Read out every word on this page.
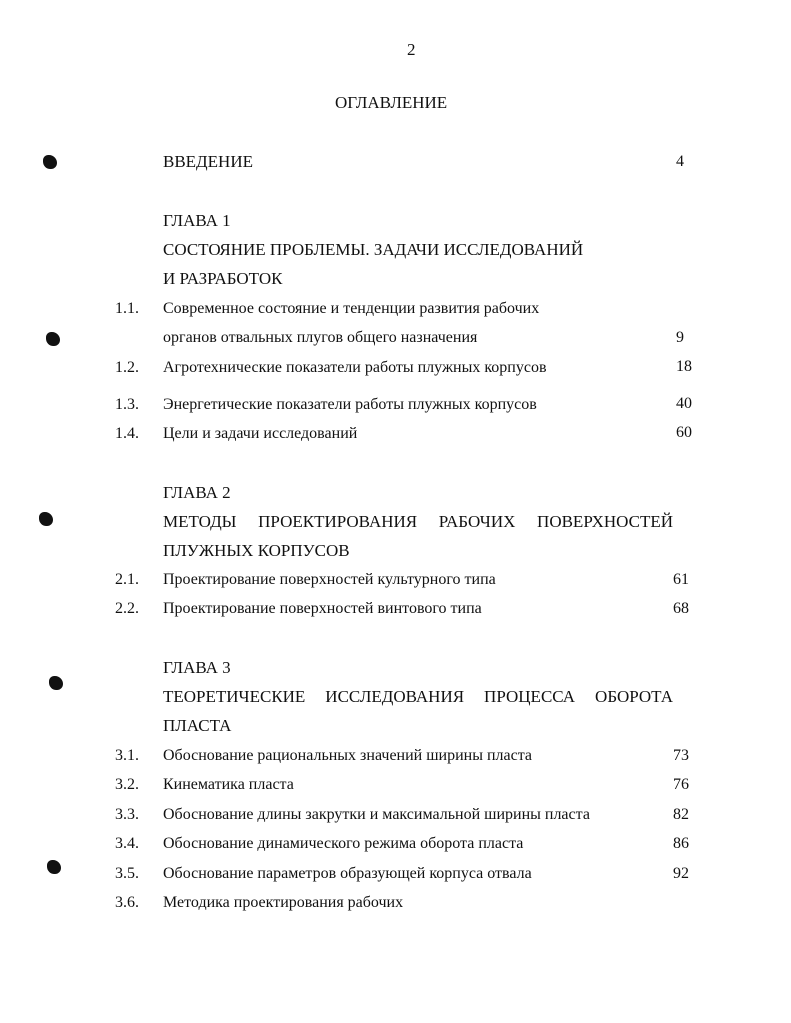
2
ОГЛАВЛЕНИЕ
ВВЕДЕНИЕ	4
ГЛАВА 1
СОСТОЯНИЕ ПРОБЛЕМЫ. ЗАДАЧИ ИССЛЕДОВАНИЙ
И РАЗРАБОТОК
1.1. Современное состояние и тенденции развития рабочих
органов отвальных плугов общего назначения	9
1.2. Агротехнические показатели работы плужных корпусов	18
1.3. Энергетические показатели работы плужных корпусов	40
1.4. Цели и задачи исследований	60
ГЛАВА 2
МЕТОДЫ ПРОЕКТИРОВАНИЯ РАБОЧИХ ПОВЕРХНОСТЕЙ
ПЛУЖНЫХ КОРПУСОВ
2.1. Проектирование поверхностей культурного типа	61
2.2. Проектирование поверхностей винтового типа	68
ГЛАВА 3
ТЕОРЕТИЧЕСКИЕ ИССЛЕДОВАНИЯ ПРОЦЕССА ОБОРОТА
ПЛАСТА
3.1. Обоснование рациональных значений ширины пласта	73
3.2. Кинематика пласта	76
3.3. Обоснование длины закрутки и максимальной ширины пласта	82
3.4. Обоснование динамического режима оборота пласта	86
3.5. Обоснование параметров образующей корпуса отвала	92
3.6. Методика проектирования рабочих
